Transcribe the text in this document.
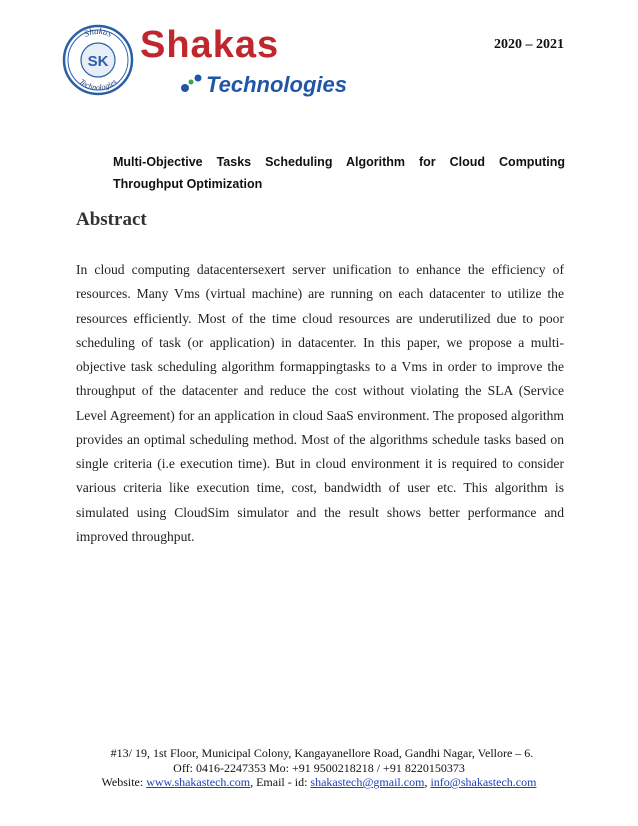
Shakas
Technologies
SK Shakas
Technologies
2020 – 2021
Multi-Objective Tasks Scheduling Algorithm for Cloud Computing Throughput Optimization
Abstract

In cloud computing datacentersexert server unification to enhance the efficiency of resources. Many Vms (virtual machine) are running on each datacenter to utilize the resources efficiently. Most of the time cloud resources are underutilized due to poor scheduling of task (or application) in datacenter. In this paper, we propose a multi-objective task scheduling algorithm formappingtasks to a Vms in order to improve the throughput of the datacenter and reduce the cost without violating the SLA (Service Level Agreement) for an application in cloud SaaS environment. The proposed algorithm provides an optimal scheduling method. Most of the algorithms schedule tasks based on single criteria (i.e execution time). But in cloud environment it is required to consider various criteria like execution time, cost, bandwidth of user etc. This algorithm is simulated using CloudSim simulator and the result shows better performance and improved throughput.

#13/ 19, 1st Floor, Municipal Colony, Kangayanellore Road, Gandhi Nagar, Vellore – 6.
Off: 0416-2247353 Mo: +91 9500218218 / +91 8220150373
Website: www.shakastech.com, Email - id: shakastech@gmail.com, info@shakastech.com
